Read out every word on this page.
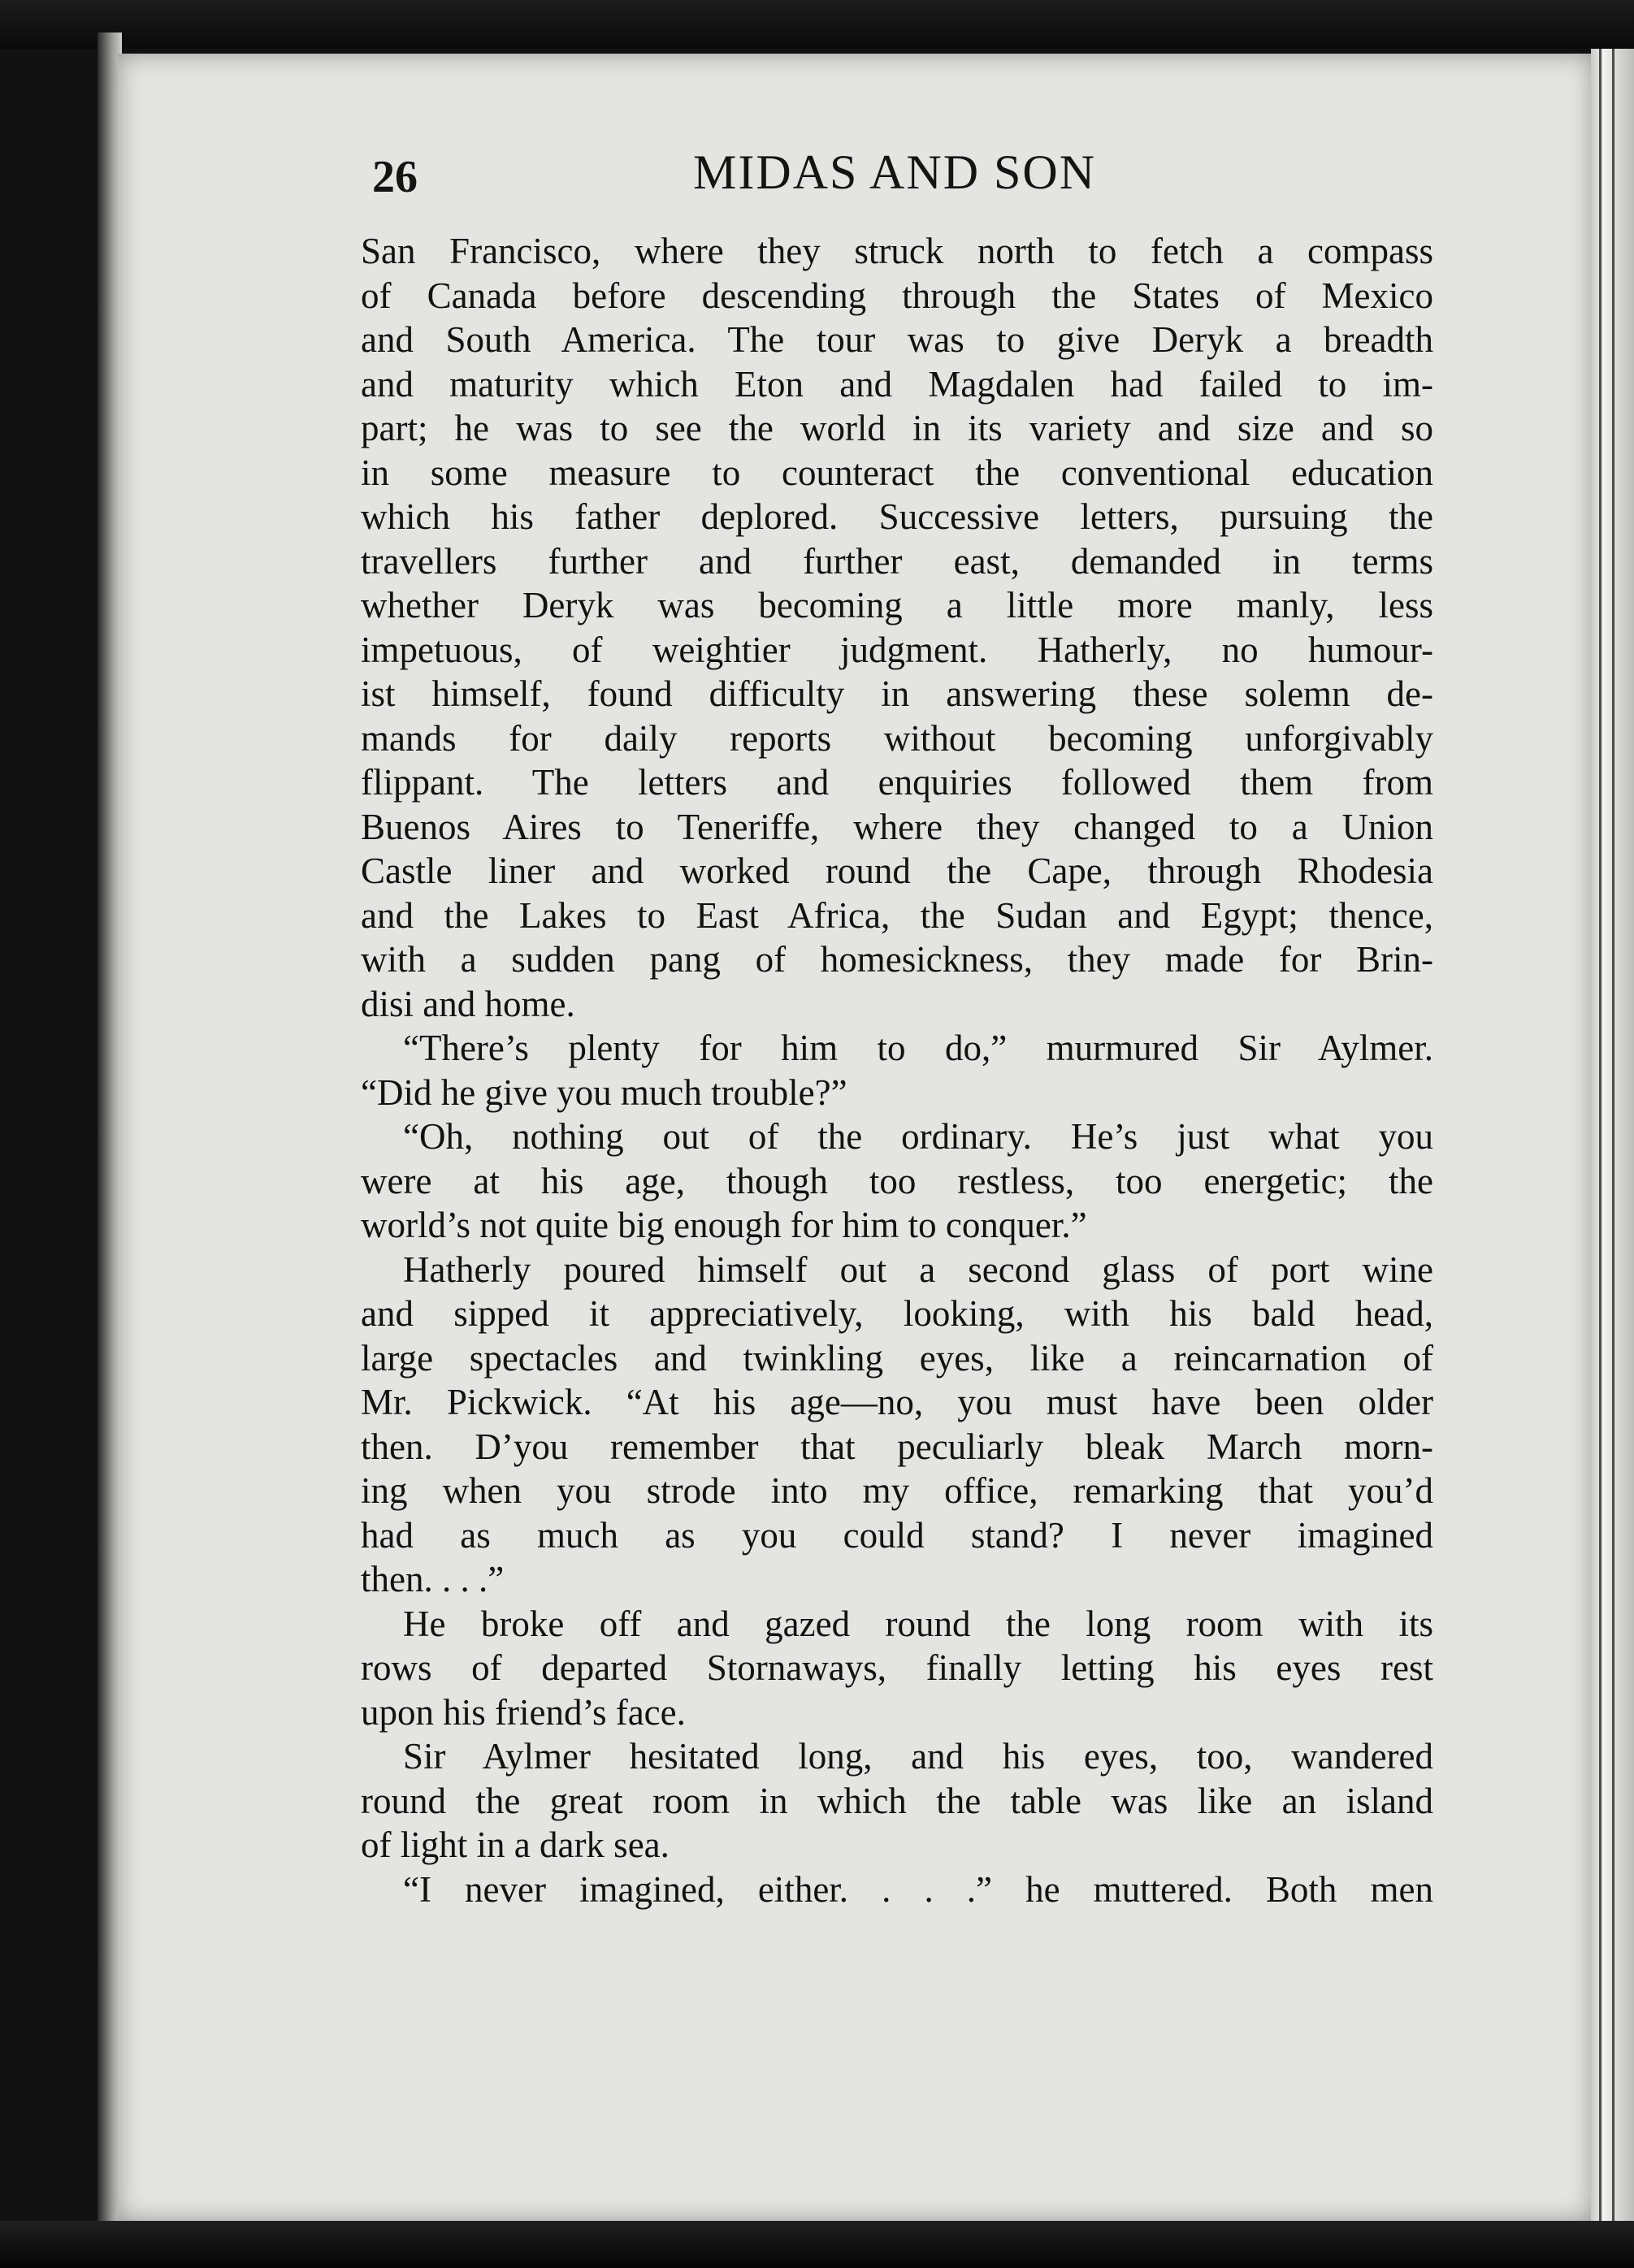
26	MIDAS AND SON
San Francisco, where they struck north to fetch a compass
of Canada before descending through the States of Mexico
and South America. The tour was to give Deryk a breadth
and maturity which Eton and Magdalen had failed to im-
part; he was to see the world in its variety and size and so
in some measure to counteract the conventional education
which his father deplored. Successive letters, pursuing the
travellers further and further east, demanded in terms
whether Deryk was becoming a little more manly, less
impetuous, of weightier judgment. Hatherly, no humour-
ist himself, found difficulty in answering these solemn de-
mands for daily reports without becoming unforgivably
flippant. The letters and enquiries followed them from
Buenos Aires to Teneriffe, where they changed to a Union
Castle liner and worked round the Cape, through Rhodesia
and the Lakes to East Africa, the Sudan and Egypt; thence,
with a sudden pang of homesickness, they made for Brin-
disi and home.
“There’s plenty for him to do,” murmured Sir Aylmer.
“Did he give you much trouble?”
“Oh, nothing out of the ordinary. He’s just what you
were at his age, though too restless, too energetic; the
world’s not quite big enough for him to conquer.”
Hatherly poured himself out a second glass of port wine
and sipped it appreciatively, looking, with his bald head,
large spectacles and twinkling eyes, like a reincarnation of
Mr. Pickwick. “At his age—no, you must have been older
then. D’you remember that peculiarly bleak March morn-
ing when you strode into my office, remarking that you’d
had as much as you could stand? I never imagined
then. . . .”
He broke off and gazed round the long room with its
rows of departed Stornaways, finally letting his eyes rest
upon his friend’s face.
Sir Aylmer hesitated long, and his eyes, too, wandered
round the great room in which the table was like an island
of light in a dark sea.
“I never imagined, either. . . .” he muttered. Both men
